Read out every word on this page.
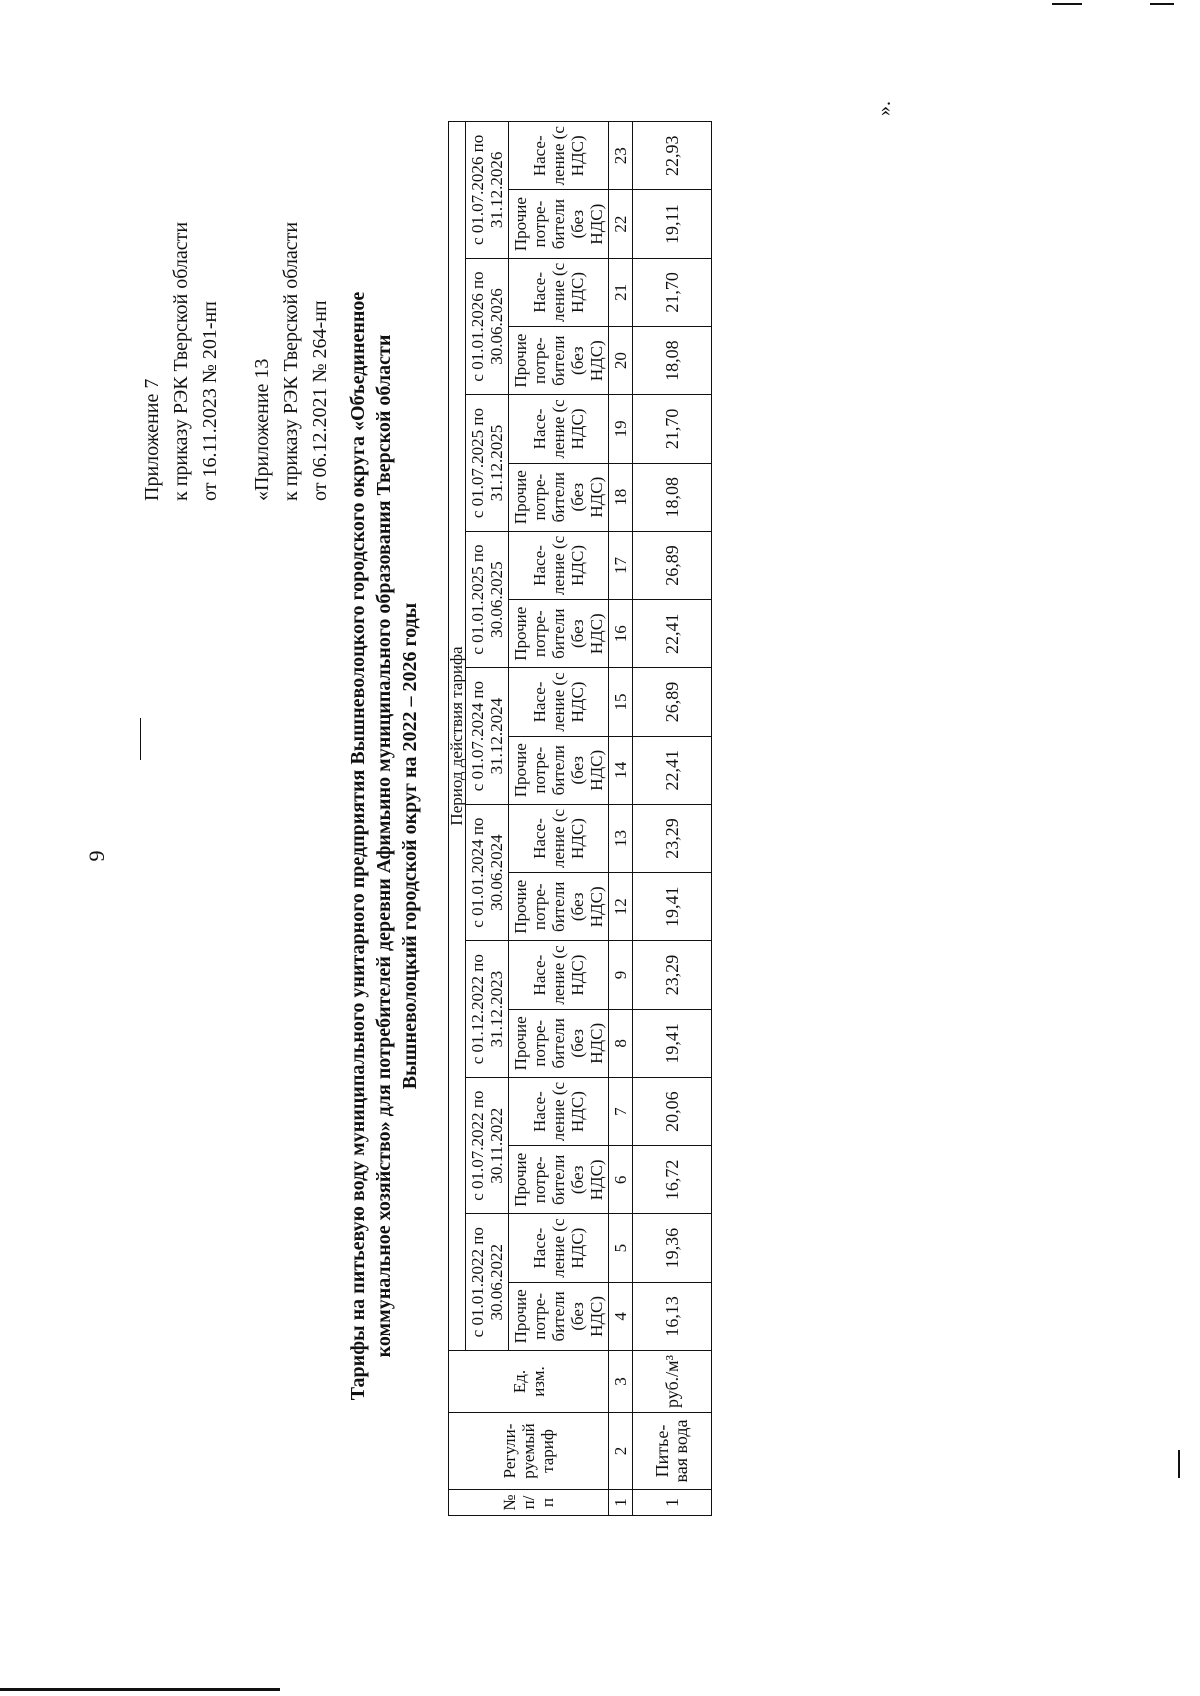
9
Приложение 7 к приказу РЭК Тверской области от 16.11.2023 № 201-нп «Приложение 13 к приказу РЭК Тверской области от 06.12.2021 № 264-нп Тарифы на питьевую воду муниципального унитарного предприятия Вышневолоцкого городского округа «Объединенное коммунальное хозяйство» для потребителей деревни Афимьино муниципального образования Тверской области Вышневолоцкий городской округ на 2022 – 2026 годы
№ п/п	Регули-руемый тариф	Ед. изм.	Период действия тарифа																	
			с 01.01.2022 по 30.06.2022		с 01.07.2022 по 30.11.2022		с 01.12.2022 по 31.12.2023		с 01.01.2024 по 30.06.2024		с 01.07.2024 по 31.12.2024		с 01.01.2025 по 30.06.2025		с 01.07.2025 по 31.12.2025		с 01.01.2026 по 30.06.2026		с 01.07.2026 по 31.12.2026	
			Прочие потре-бители (без НДС)	Насе-ление (с НДС)	Прочие потре-бители (без НДС)	Насе-ление (с НДС)	Прочие потре-бители (без НДС)	Насе-ление (с НДС)	Прочие потре-бители (без НДС)	Насе-ление (с НДС)	Прочие потре-бители (без НДС)	Насе-ление (с НДС)	Прочие потре-бители (без НДС)	Насе-ление (с НДС)	Прочие потре-бители (без НДС)	Насе-ление (с НДС)	Прочие потре-бители (без НДС)	Насе-ление (с НДС)	Прочие потре-бители (без НДС)	Насе-ление (с НДС)
1	2	3	4	5	6	7	8	9	12	13	14	15	16	17	18	19	20	21	22	23
1	Питье-вая вода	руб./м³	16,13	19,36	16,72	20,06	19,41	23,29	19,41	23,29	22,41	26,89	22,41	26,89	18,08	21,70	18,08	21,70	19,11	22,93
».
